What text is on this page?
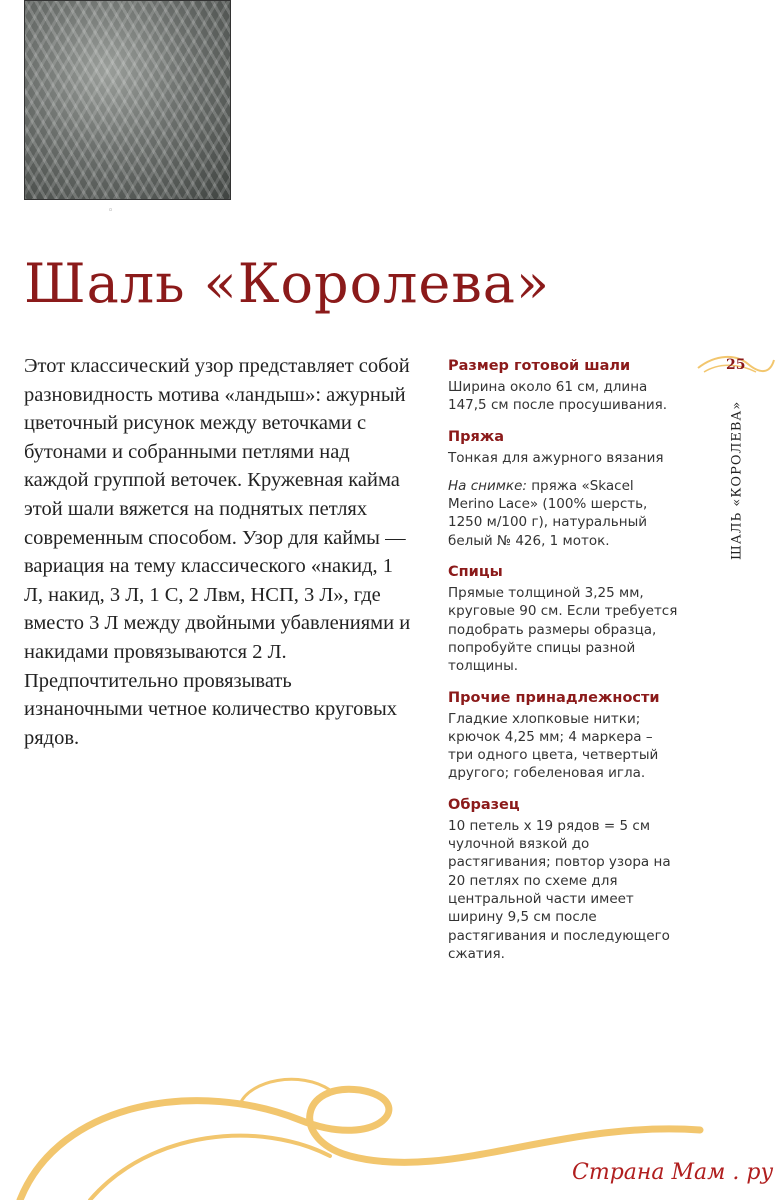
◦
Шаль «Королева»

Этот классический узор представляет собой разновидность мотива «ландыш»: ажурный цветочный рисунок между веточками с бутонами и собранными петлями над каждой группой веточек. Кружевная кайма этой шали вяжется на поднятых петлях современным способом. Узор для каймы — вариация на тему классического «накид, 1 Л, накид, 3 Л, 1 С, 2 Лвм, НСП, 3 Л», где вместо 3 Л между двойными убавлениями и накидами провязываются 2 Л. Предпочтительно провязывать изнаночными четное количество круговых рядов.

Размер готовой шали

Ширина около 61 см, длина 147,5 см после просушивания.

Пряжа

Тонкая для ажурного вязания

На снимке: пряжа «Skacel Merino Lace» (100% шерсть, 1250 м/100 г), натуральный белый № 426, 1 моток.

Спицы

Прямые толщиной 3,25 мм, круговые 90 см. Если требуется подобрать размеры образца, попробуйте спицы разной толщины.

Прочие принадлежности

Гладкие хлопковые нитки; крючок 4,25 мм; 4 маркера – три одного цвета, четвертый другого; гобеленовая игла.

Образец

10 петель х 19 рядов = 5 см чулочной вязкой до растягивания; повтор узора на 20 петлях по схеме для центральной части имеет ширину 9,5 см после растягивания и последующего сжатия.

25
ШАЛЬ «КОРОЛЕВА»
Страна Мам . ру
